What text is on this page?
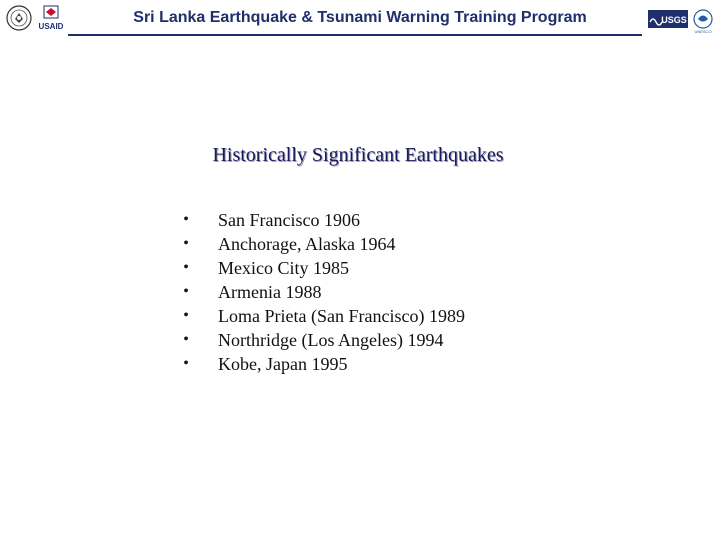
USAID
Sri Lanka Earthquake & Tsunami Warning Training Program	USGS
UNESCO
Historically Significant Earthquakes
• San Francisco 1906
• Anchorage, Alaska 1964
• Mexico City 1985
• Armenia 1988
• Loma Prieta (San Francisco) 1989
• Northridge (Los Angeles) 1994
• Kobe, Japan 1995
